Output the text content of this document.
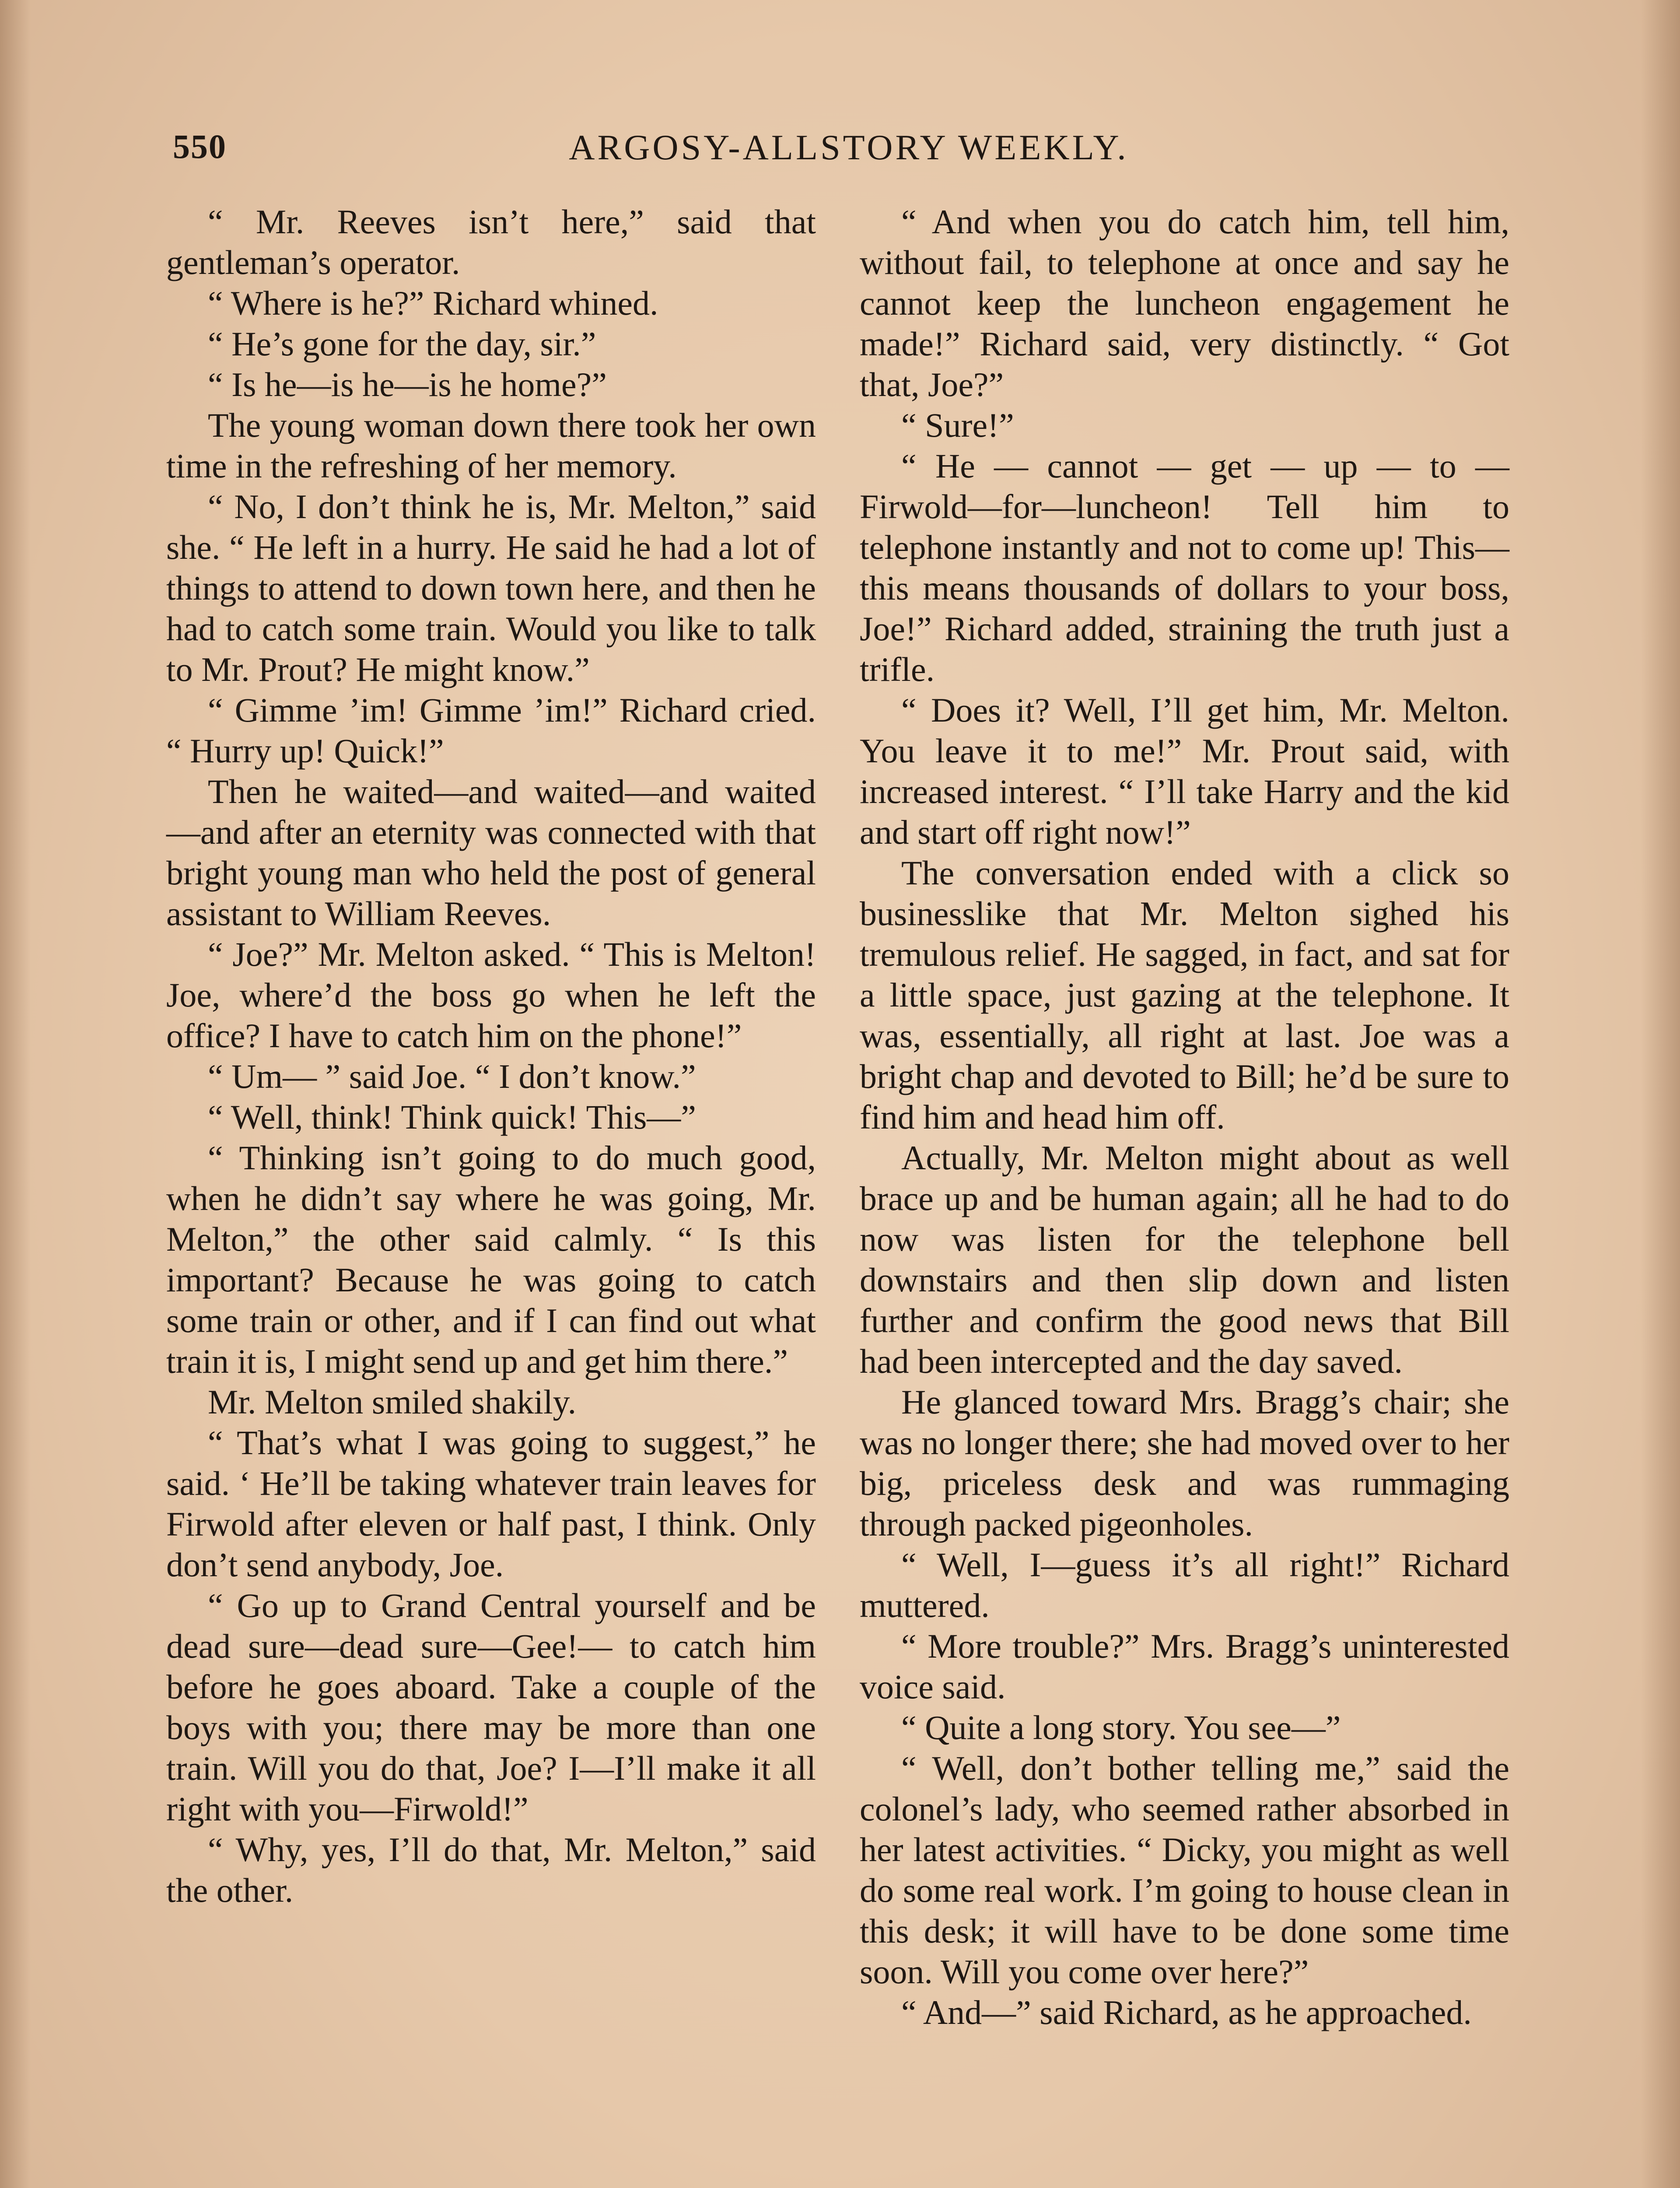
550	ARGOSY-ALLSTORY WEEKLY.

“ Mr. Reeves isn’t here,” said that gentleman’s operator.

“ Where is he?” Richard whined.

“ He’s gone for the day, sir.”

“ Is he—is he—is he home?”

The young woman down there took her own time in the refreshing of her memory.

“ No, I don’t think he is, Mr. Melton,” said she. “ He left in a hurry. He said he had a lot of things to attend to down town here, and then he had to catch some train. Would you like to talk to Mr. Prout? He might know.”

“ Gimme ’im! Gimme ’im!” Richard cried. “ Hurry up! Quick!”

Then he waited—and waited—and waited—and after an eternity was connected with that bright young man who held the post of general assistant to William Reeves.

“ Joe?” Mr. Melton asked. “ This is Melton! Joe, where’d the boss go when he left the office? I have to catch him on the phone!”

“ Um— ” said Joe. “ I don’t know.”

“ Well, think! Think quick! This—”

“ Thinking isn’t going to do much good, when he didn’t say where he was going, Mr. Melton,” the other said calmly. “ Is this important? Because he was going to catch some train or other, and if I can find out what train it is, I might send up and get him there.”

Mr. Melton smiled shakily.

“ That’s what I was going to suggest,” he said. ‘ He’ll be taking whatever train leaves for Firwold after eleven or half past, I think. Only don’t send anybody, Joe.

“ Go up to Grand Central yourself and be dead sure—dead sure—Gee!— to catch him before he goes aboard. Take a couple of the boys with you; there may be more than one train. Will you do that, Joe? I—I’ll make it all right with you—Firwold!”

“ Why, yes, I’ll do that, Mr. Melton,” said the other.

“ And when you do catch him, tell him, without fail, to telephone at once and say he cannot keep the luncheon engagement he made!” Richard said, very distinctly. “ Got that, Joe?”

“ Sure!”

“ He — cannot — get — up — to — Firwold—for—luncheon! Tell him to telephone instantly and not to come up! This—this means thousands of dollars to your boss, Joe!” Richard added, straining the truth just a trifle.

“ Does it? Well, I’ll get him, Mr. Melton. You leave it to me!” Mr. Prout said, with increased interest. “ I’ll take Harry and the kid and start off right now!”

The conversation ended with a click so businesslike that Mr. Melton sighed his tremulous relief. He sagged, in fact, and sat for a little space, just gazing at the telephone. It was, essentially, all right at last. Joe was a bright chap and devoted to Bill; he’d be sure to find him and head him off.

Actually, Mr. Melton might about as well brace up and be human again; all he had to do now was listen for the telephone bell downstairs and then slip down and listen further and confirm the good news that Bill had been intercepted and the day saved.

He glanced toward Mrs. Bragg’s chair; she was no longer there; she had moved over to her big, priceless desk and was rummaging through packed pigeonholes.

“ Well, I—guess it’s all right!” Richard muttered.

“ More trouble?” Mrs. Bragg’s uninterested voice said.

“ Quite a long story. You see—”

“ Well, don’t bother telling me,” said the colonel’s lady, who seemed rather absorbed in her latest activities. “ Dicky, you might as well do some real work. I’m going to house clean in this desk; it will have to be done some time soon. Will you come over here?”

“ And—” said Richard, as he approached.
